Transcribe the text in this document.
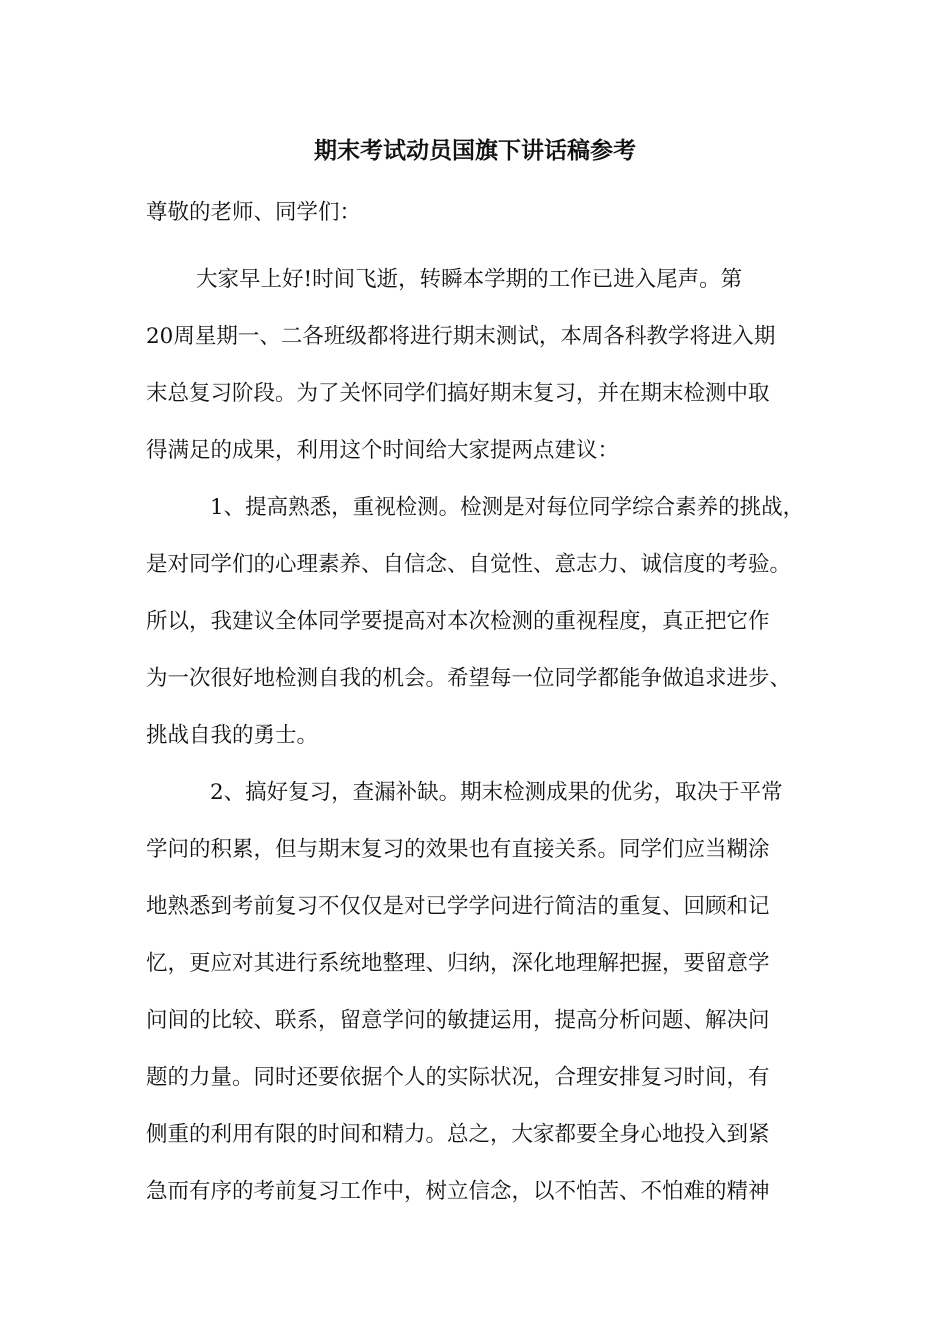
期末考试动员国旗下讲话稿参考

尊敬的老师、同学们：

大家早上好!时间飞逝，转瞬本学期的工作已进入尾声。第

20周星期一、二各班级都将进行期末测试，本周各科教学将进入期

末总复习阶段。为了关怀同学们搞好期末复习，并在期末检测中取

得满足的成果，利用这个时间给大家提两点建议：

1、提高熟悉，重视检测。检测是对每位同学综合素养的挑战，

是对同学们的心理素养、自信念、自觉性、意志力、诚信度的考验。

所以，我建议全体同学要提高对本次检测的重视程度，真正把它作

为一次很好地检测自我的机会。希望每一位同学都能争做追求进步、

挑战自我的勇士。

2、搞好复习，查漏补缺。期末检测成果的优劣，取决于平常

学问的积累，但与期末复习的效果也有直接关系。同学们应当糊涂

地熟悉到考前复习不仅仅是对已学学问进行简洁的重复、回顾和记

忆，更应对其进行系统地整理、归纳，深化地理解把握，要留意学

问间的比较、联系，留意学问的敏捷运用，提高分析问题、解决问

题的力量。同时还要依据个人的实际状况，合理安排复习时间，有

侧重的利用有限的时间和精力。总之，大家都要全身心地投入到紧

急而有序的考前复习工作中，树立信念，以不怕苦、不怕难的精神
